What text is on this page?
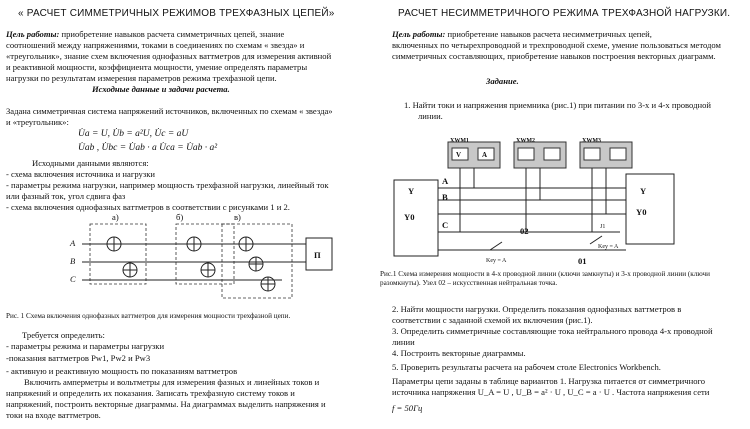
« РАСЧЕТ СИММЕТРИЧНЫХ РЕЖИМОВ ТРЕХФАЗНЫХ ЦЕПЕЙ»
Цель работы: приобретение навыков расчета симметричных цепей, знание
соотношений между напряжениями, токами в соединениях по схемам « звезда» и
«треугольник», знание схем включения однофазных ваттметров для измерения активной
и реактивной мощности, коэффициента мощности, умение определять параметры
нагрузки по результатам измерения параметров режима трехфазной цепи.
Исходные данные и задачи расчета.
Задана симметричная система напряжений источников, включенных по схемам « звезда»
и «треугольник»:
U̇a = U, U̇b = a²U, U̇c = aU
U̇ab , U̇bc = U̇ab · a U̇ca = U̇ab · a²
Исходными данными являются:
- схема включения источника и нагрузки
- параметры режима нагрузки, например мощность трехфазной нагрузки, линейный ток
или фазный ток, угол сдвига фаз
- схема включения однофазных ваттметров в соответствии с рисунками 1 и 2.
а)	б)	в)
A
B
C
П
Рис. 1 Схема включения однофазных ваттметров для измерения мощности трехфазной цепи.
Требуется определить:
- параметры режима и параметры нагрузки
-показания ваттметров Pw1, Pw2 и Pw3
- активную и реактивную мощность по показаниям ваттметров
Включить амперметры и вольтметры для измерения фазных и линейных токов и
напряжений и определить их показания. Записать трехфазную систему токов и
напряжений, построить векторные диаграммы. На диаграммах выделить напряжения и
токи на входе ваттметров.
РАСЧЕТ НЕСИММЕТРИЧНОГО РЕЖИМА ТРЕХФАЗНОЙ НАГРУЗКИ.
Цель работы: приобретение навыков расчета несимметричных цепей,
включенных по четырехпроводной и трехпроводной схеме, умение пользоваться методом
симметричных составляющих, приобретение навыков построения векторных диаграмм.
Задание.
1. Найти токи и напряжения приемника (рис.1) при питании по 3-х и 4-х проводной
линии.
ХWМ1	ХWМ2	ХWМ3
V	A
Y
Y0
Y
Y0
A
B
C
02
01
J1
Key = A
Key = A
Рис.1 Схема измерения мощности в 4-х проводной линии (ключи замкнуты) и 3-х проводной линии (ключи
разомкнуты). Узел 02 – искусственная нейтральная точка.
2. Найти мощности нагрузки. Определить показания однофазных ваттметров в
соответствии с заданной схемой их включения (рис.1).
3. Определить симметричные составляющие тока нейтрального провода 4-х проводной
линии
4. Построить векторные диаграммы.
5. Проверить результаты расчета на рабочем столе Electronics Workbench.
Параметры цепи заданы в таблице вариантов 1. Нагрузка питается от симметричного
источника напряжения U_A = U , U_B = a² · U , U_C = a · U . Частота напряжения сети
f = 50Гц
